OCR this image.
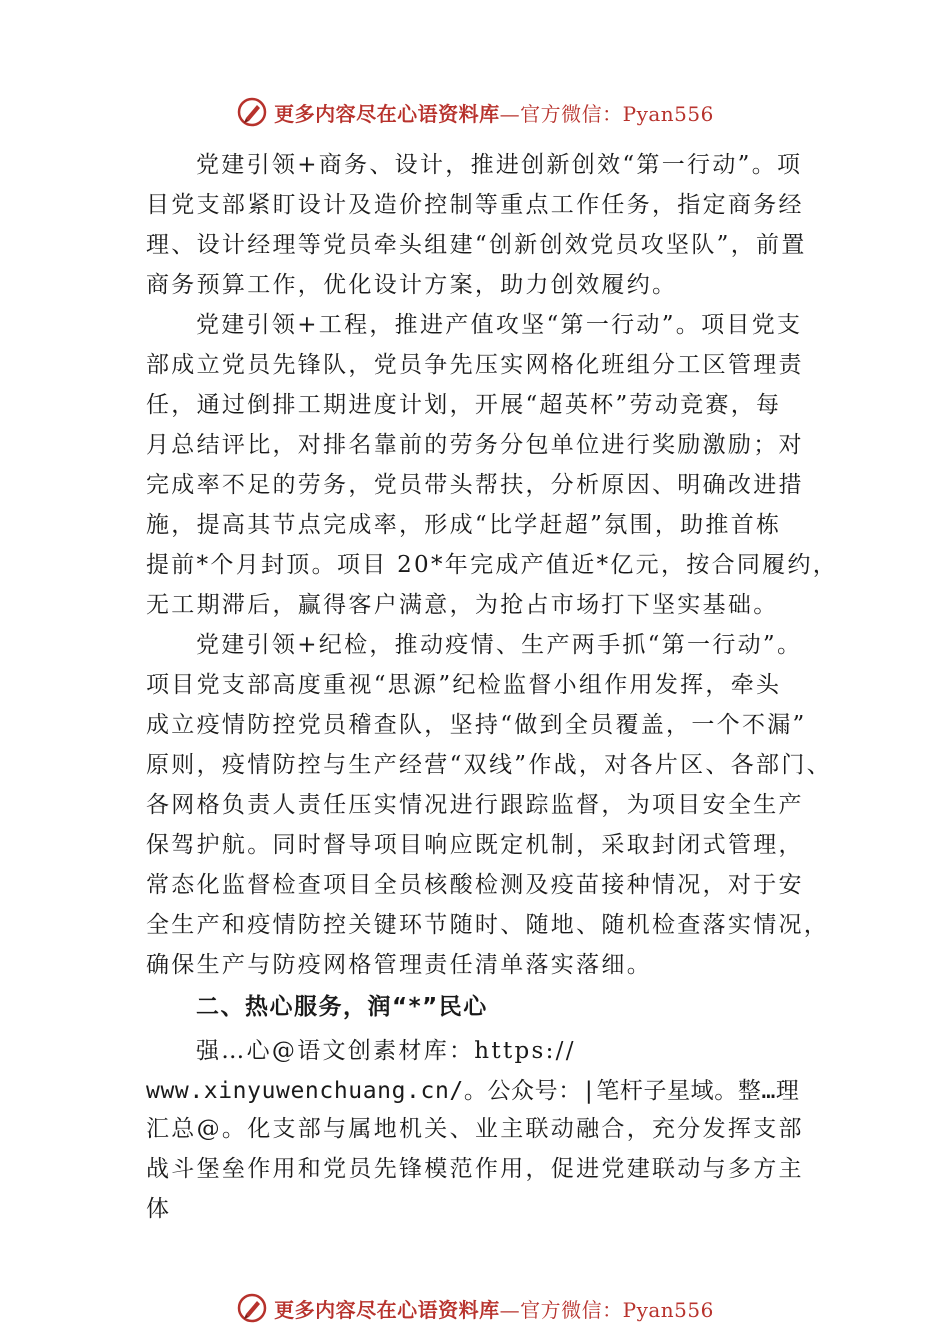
更多内容尽在心语资料库—官方微信：Pyan556
党建引领+商务、设计，推进创新创效“第一行动”。项
目党支部紧盯设计及造价控制等重点工作任务，指定商务经
理、设计经理等党员牵头组建“创新创效党员攻坚队”，前置
商务预算工作，优化设计方案，助力创效履约。
党建引领+工程，推进产值攻坚“第一行动”。项目党支
部成立党员先锋队，党员争先压实网格化班组分工区管理责
任，通过倒排工期进度计划，开展“超英杯”劳动竞赛，每
月总结评比，对排名靠前的劳务分包单位进行奖励激励；对
完成率不足的劳务，党员带头帮扶，分析原因、明确改进措
施，提高其节点完成率，形成“比学赶超”氛围，助推首栋
提前*个月封顶。项目 20*年完成产值近*亿元，按合同履约，
无工期滞后，赢得客户满意，为抢占市场打下坚实基础。
党建引领+纪检，推动疫情、生产两手抓“第一行动”。
项目党支部高度重视“思源”纪检监督小组作用发挥，牵头
成立疫情防控党员稽查队，坚持“做到全员覆盖，一个不漏”
原则，疫情防控与生产经营“双线”作战，对各片区、各部门、
各网格负责人责任压实情况进行跟踪监督，为项目安全生产
保驾护航。同时督导项目响应既定机制，采取封闭式管理，
常态化监督检查项目全员核酸检测及疫苗接种情况，对于安
全生产和疫情防控关键环节随时、随地、随机检查落实情况，
确保生产与防疫网格管理责任清单落实落细。
二、热心服务，润“*”民心
强…心@语文创素材库：https://
www.xinyuwenchuang.cn/。公众号：|笔杆子星域。整…理
汇总@。化支部与属地机关、业主联动融合，充分发挥支部
战斗堡垒作用和党员先锋模范作用，促进党建联动与多方主
体
更多内容尽在心语资料库—官方微信：Pyan556
